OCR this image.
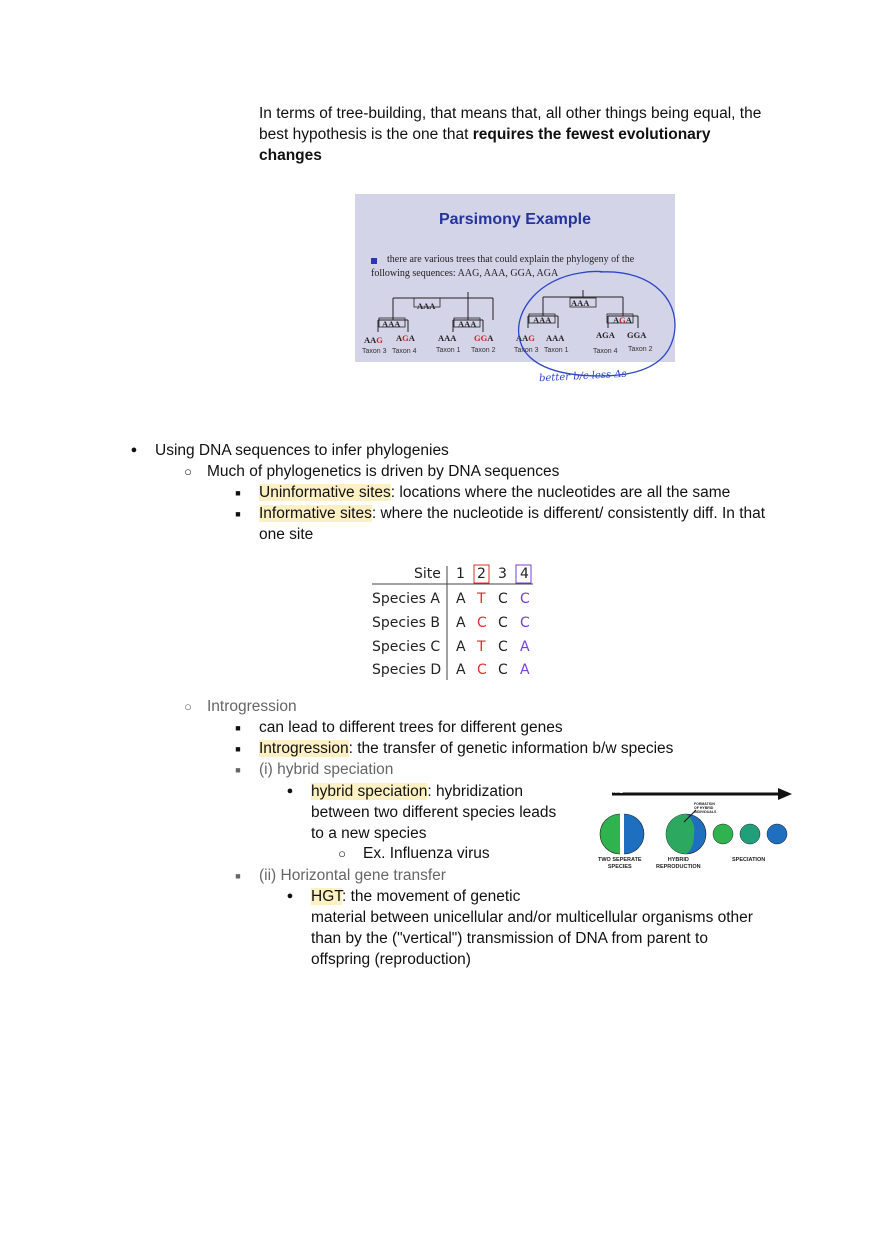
In terms of tree-building, that means that, all other things being equal, the
best hypothesis is the one that requires the fewest evolutionary
changes
Parsimony Example
there are various trees that could explain the phylogeny of the
following sequences: AAG, AAA, GGA, AGA
AAA
AAA	AAA
AAG AGA	AAA GGA
Taxon 3 Taxon 4	Taxon 1 Taxon 2
AAA
AAA	AGA
AAG AAA	AGA GGA
Taxon 3 Taxon 1	Taxon 4 Taxon 2
better b/c less Δs
● Using DNA sequences to infer phylogenies
○ Much of phylogenetics is driven by DNA sequences
■ Uninformative sites: locations where the nucleotides are all the same
■ Informative sites: where the nucleotide is different/ consistently diff. In that
one site
Site 1 2 3 4
Species A A T C C
Species B A C C C
Species C A T C A
Species D A C C A
○ Introgression
■ can lead to different trees for different genes
■ Introgression: the transfer of genetic information b/w species
■ (i) hybrid speciation
● hybrid speciation: hybridization
between two different species leads
to a new species
○ Ex. Influenza virus
■ (ii) Horizontal gene transfer
● HGT: the movement of genetic
material between unicellular and/or multicellular organisms other
than by the ("vertical") transmission of DNA from parent to
offspring (reproduction)
TIME
FORMATION
OF HYBRID
INDIVIDUALS
TWO SEPERATE
SPECIES
HYBRID
REPRODUCTION
SPECIATION
